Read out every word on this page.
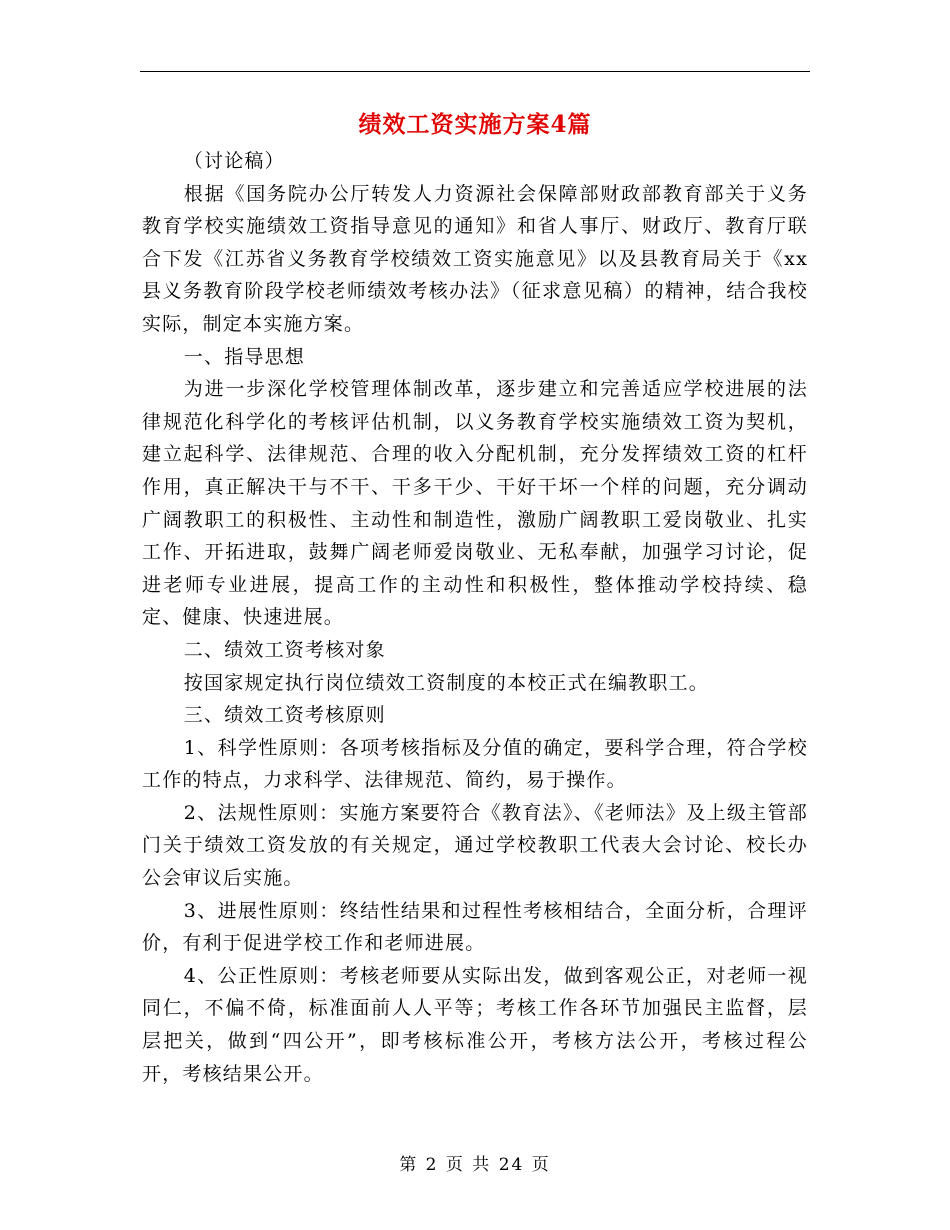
绩效工资实施方案4篇

（讨论稿）

根据《国务院办公厅转发人力资源社会保障部财政部教育部关于义务教育学校实施绩效工资指导意见的通知》和省人事厅、财政厅、教育厅联合下发《江苏省义务教育学校绩效工资实施意见》以及县教育局关于《xx县义务教育阶段学校老师绩效考核办法》（征求意见稿）的精神，结合我校实际，制定本实施方案。

一、指导思想

为进一步深化学校管理体制改革，逐步建立和完善适应学校进展的法律规范化科学化的考核评估机制，以义务教育学校实施绩效工资为契机，建立起科学、法律规范、合理的收入分配机制，充分发挥绩效工资的杠杆作用，真正解决干与不干、干多干少、干好干坏一个样的问题，充分调动广阔教职工的积极性、主动性和制造性，激励广阔教职工爱岗敬业、扎实工作、开拓进取，鼓舞广阔老师爱岗敬业、无私奉献，加强学习讨论，促进老师专业进展，提高工作的主动性和积极性，整体推动学校持续、稳定、健康、快速进展。

二、绩效工资考核对象

按国家规定执行岗位绩效工资制度的本校正式在编教职工。

三、绩效工资考核原则

1、科学性原则：各项考核指标及分值的确定，要科学合理，符合学校工作的特点，力求科学、法律规范、简约，易于操作。

2、法规性原则：实施方案要符合《教育法》、《老师法》及上级主管部门关于绩效工资发放的有关规定，通过学校教职工代表大会讨论、校长办公会审议后实施。

3、进展性原则：终结性结果和过程性考核相结合，全面分析，合理评价，有利于促进学校工作和老师进展。

4、公正性原则：考核老师要从实际出发，做到客观公正，对老师一视同仁，不偏不倚，标准面前人人平等；考核工作各环节加强民主监督，层层把关，做到“四公开”，即考核标准公开，考核方法公开，考核过程公开，考核结果公开。

第 2 页 共 24 页
